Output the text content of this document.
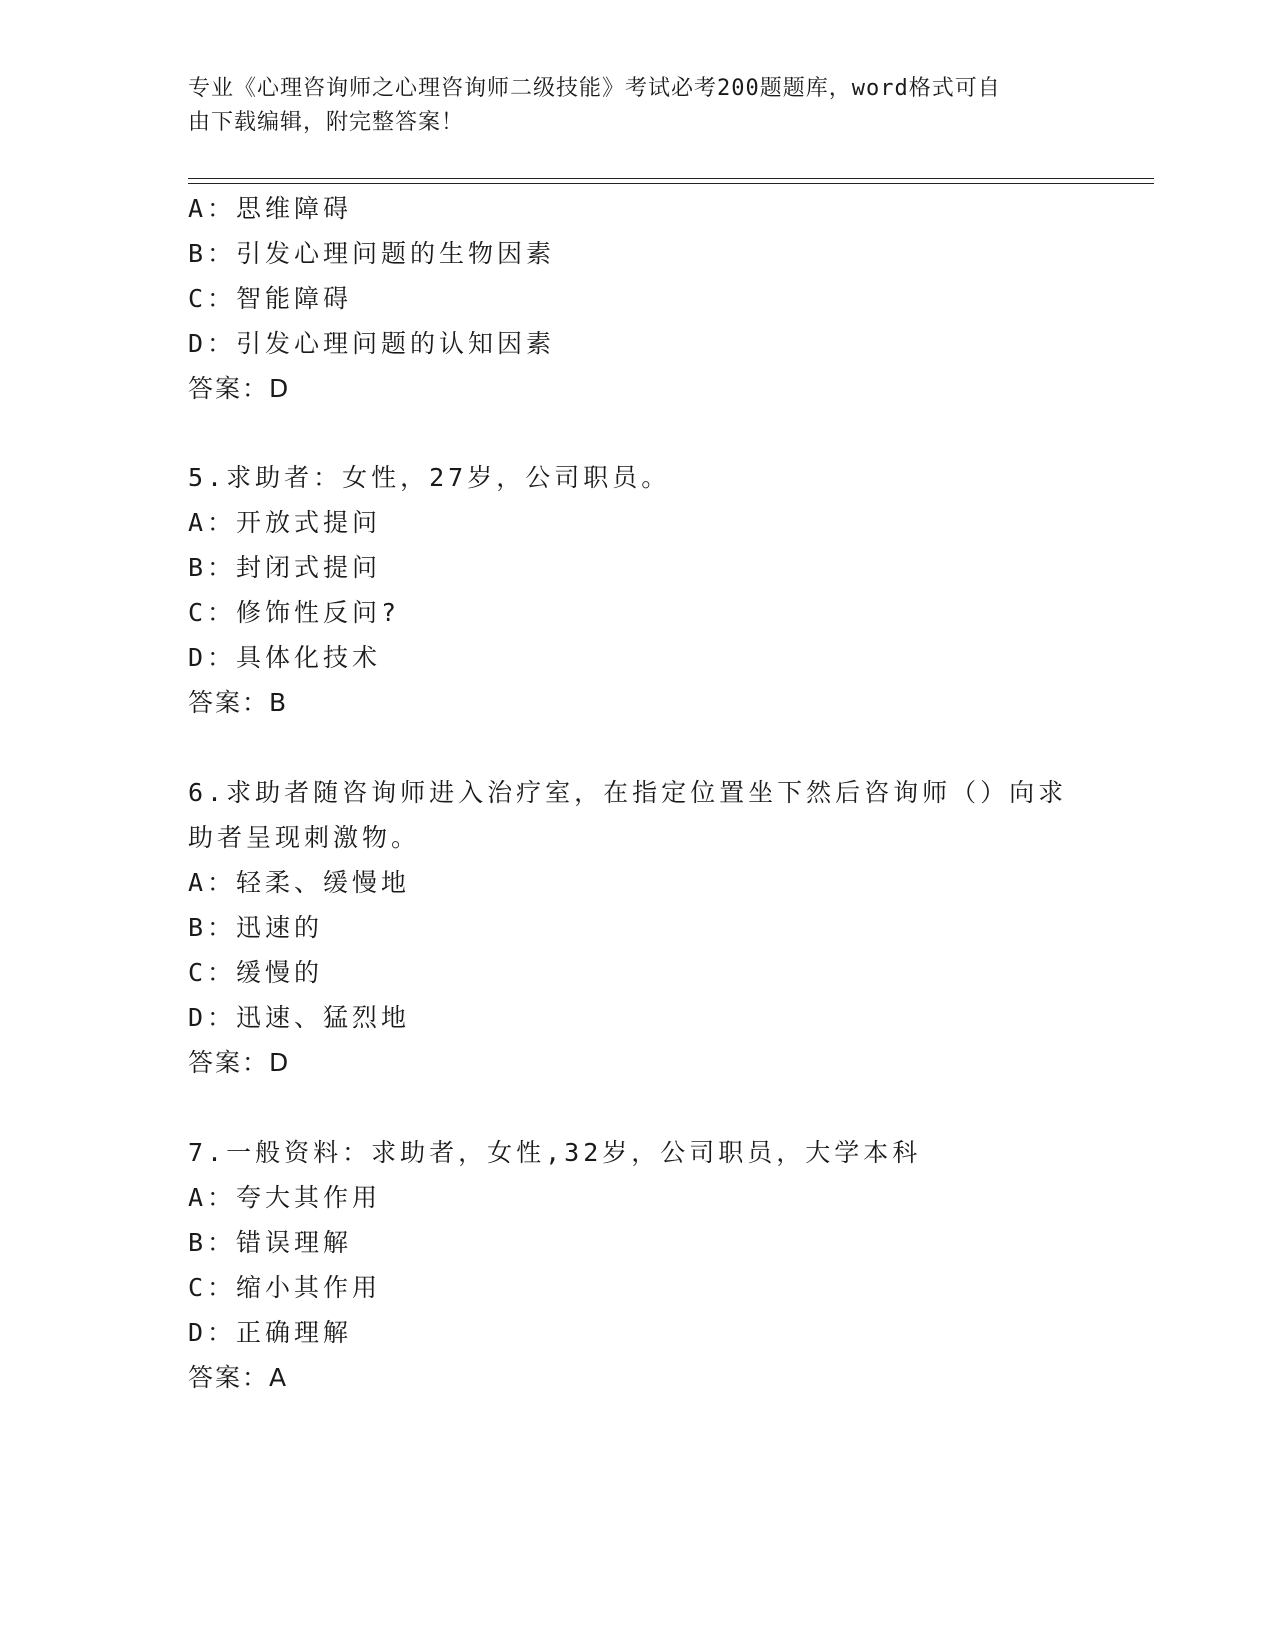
专业《心理咨询师之心理咨询师二级技能》考试必考200题题库，word格式可自
由下载编辑，附完整答案！
A：思维障碍
B：引发心理问题的生物因素
C：智能障碍
D：引发心理问题的认知因素
答案：D
5.求助者：女性，27岁，公司职员。
A：开放式提问
B：封闭式提问
C：修饰性反问?
D：具体化技术
答案：B
6.求助者随咨询师进入治疗室，在指定位置坐下然后咨询师（）向求
助者呈现刺激物。
A：轻柔、缓慢地
B：迅速的
C：缓慢的
D：迅速、猛烈地
答案：D
7.一般资料：求助者，女性,32岁，公司职员，大学本科
A：夸大其作用
B：错误理解
C：缩小其作用
D：正确理解
答案：A
